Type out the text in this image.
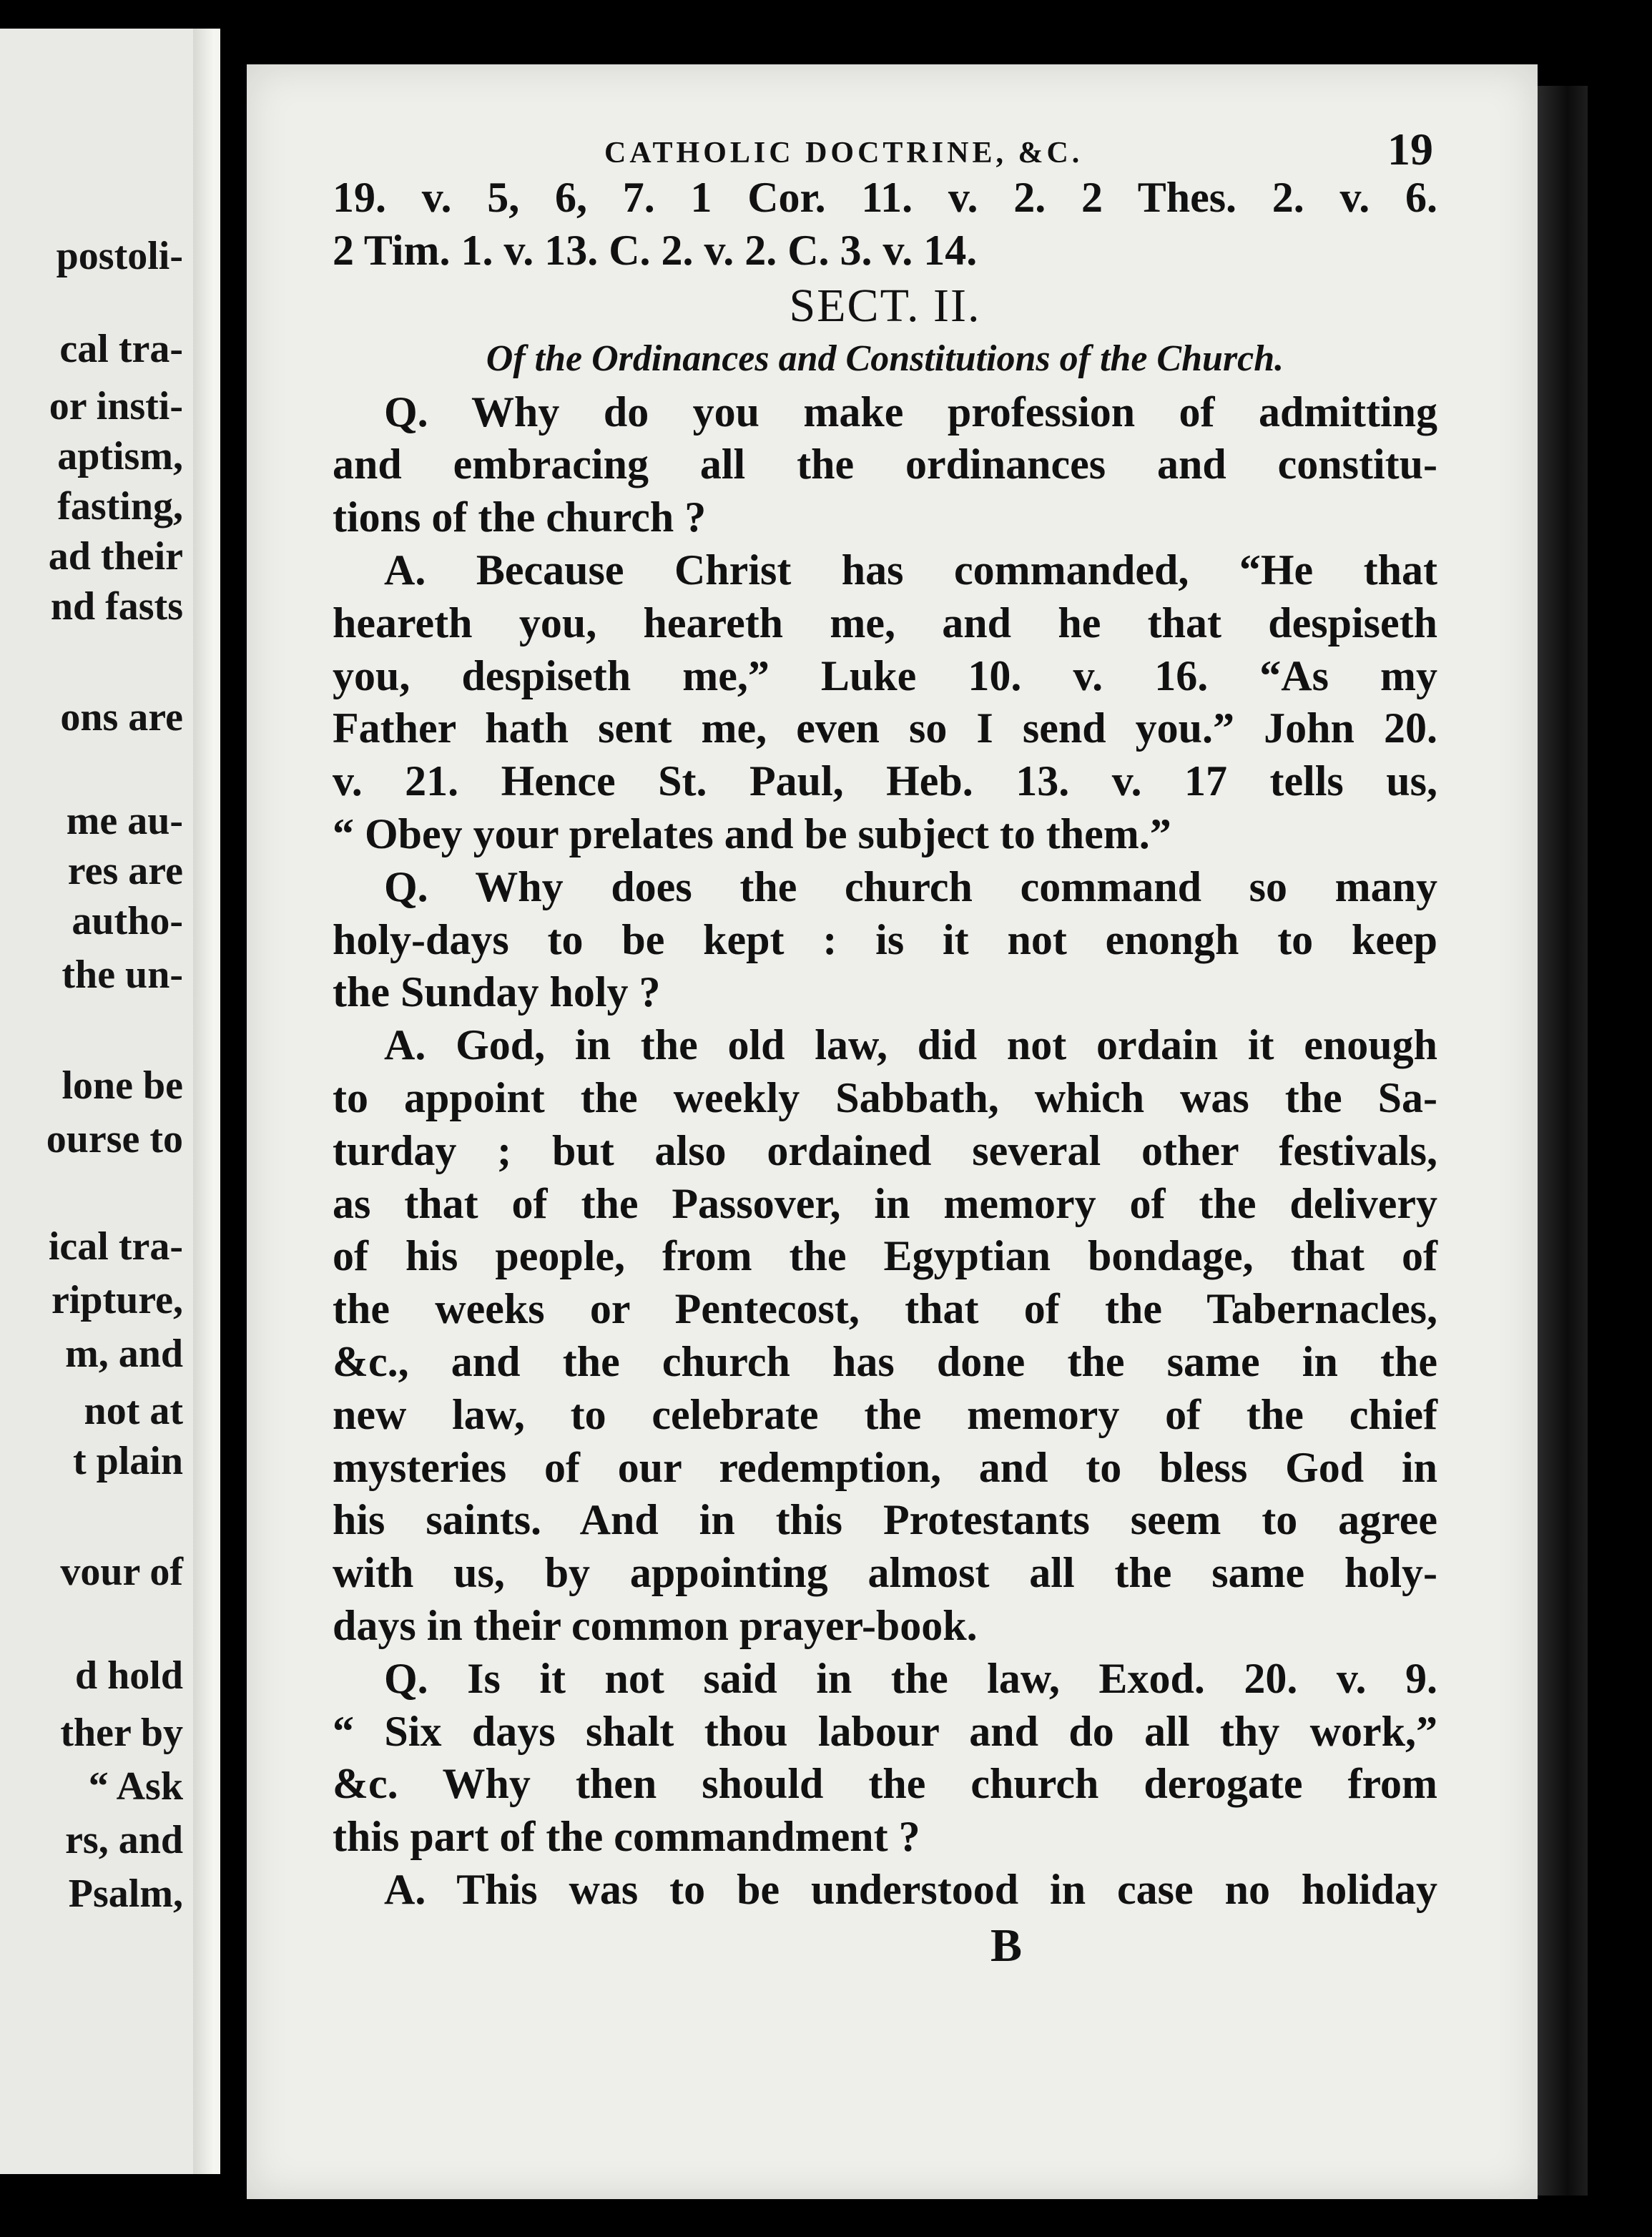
postoli-
cal tra-
or insti-
aptism,
fasting,
ad their
nd fasts
ons are
me au-
res are
autho-
the un-
lone be
ourse to
ical tra-
ripture,
m, and
not at
t plain
vour of
d hold
ther by
“ Ask
rs, and
Psalm,
CATHOLIC DOCTRINE, &C.	19
19. v. 5, 6, 7. 1 Cor. 11. v. 2. 2 Thes. 2. v. 6.
2 Tim. 1. v. 13. C. 2. v. 2. C. 3. v. 14.
SECT. II.
Of the Ordinances and Constitutions of the Church.
Q. Why do you make profession of admitting
and embracing all the ordinances and constitu-
tions of the church ?
A. Because Christ has commanded, “He that
heareth you, heareth me, and he that despiseth
you, despiseth me,” Luke 10. v. 16. “As my
Father hath sent me, even so I send you.” John 20.
v. 21. Hence St. Paul, Heb. 13. v. 17 tells us,
“ Obey your prelates and be subject to them.”
Q. Why does the church command so many
holy-days to be kept : is it not enongh to keep
the Sunday holy ?
A. God, in the old law, did not ordain it enough
to appoint the weekly Sabbath, which was the Sa-
turday ; but also ordained several other festivals,
as that of the Passover, in memory of the delivery
of his people, from the Egyptian bondage, that of
the weeks or Pentecost, that of the Tabernacles,
&c., and the church has done the same in the
new law, to celebrate the memory of the chief
mysteries of our redemption, and to bless God in
his saints. And in this Protestants seem to agree
with us, by appointing almost all the same holy-
days in their common prayer-book.
Q. Is it not said in the law, Exod. 20. v. 9.
“ Six days shalt thou labour and do all thy work,”
&c. Why then should the church derogate from
this part of the commandment ?
A. This was to be understood in case no holiday
B
